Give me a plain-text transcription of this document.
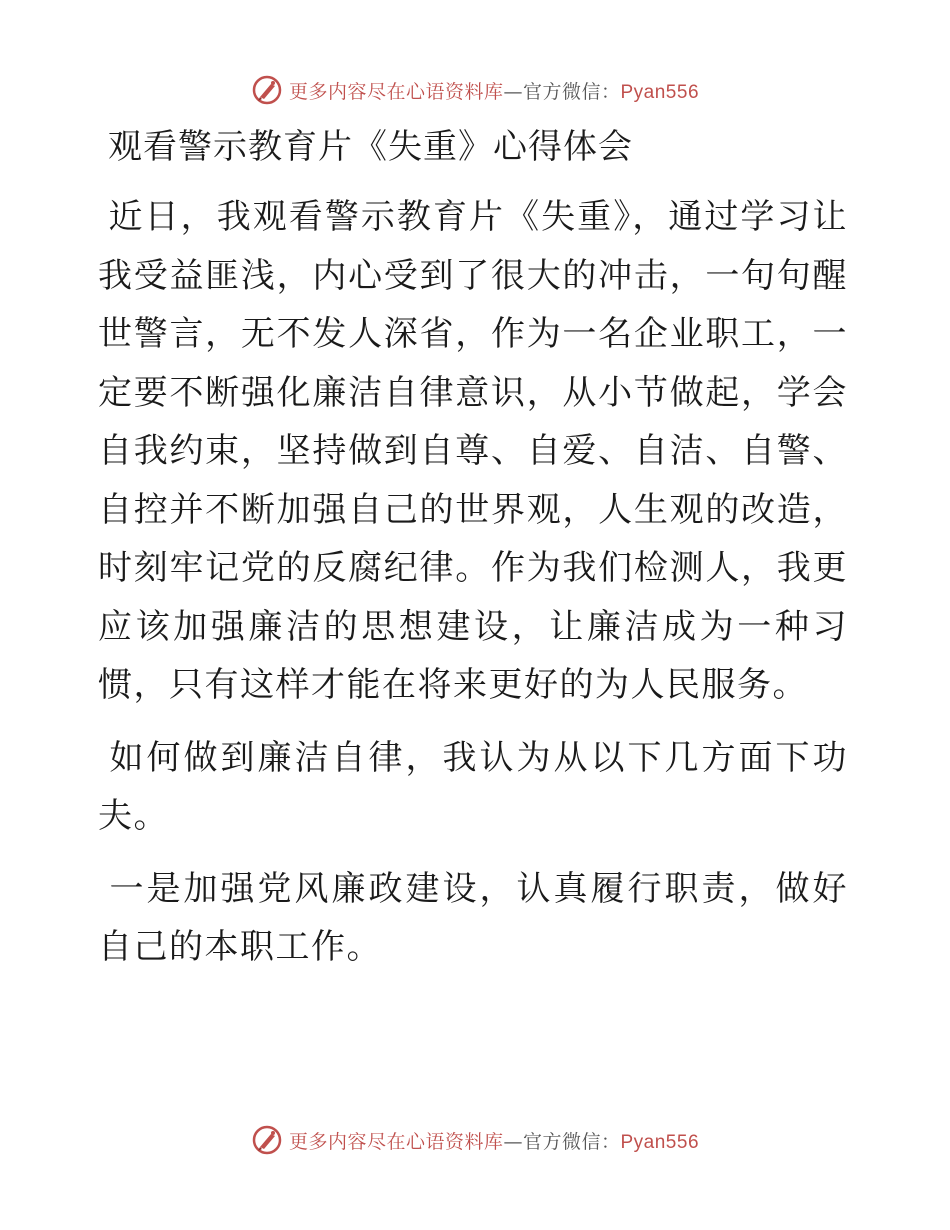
更多内容尽在心语资料库—官方微信：Pyan556
观看警示教育片《失重》心得体会

近日，我观看警示教育片《失重》，通过学习让我受益匪浅，内心受到了很大的冲击，一句句醒世警言，无不发人深省，作为一名企业职工，一定要不断强化廉洁自律意识，从小节做起，学会自我约束，坚持做到自尊、自爱、自洁、自警、自控并不断加强自己的世界观，人生观的改造，时刻牢记党的反腐纪律。作为我们检测人，我更应该加强廉洁的思想建设，让廉洁成为一种习惯，只有这样才能在将来更好的为人民服务。

如何做到廉洁自律，我认为从以下几方面下功夫。

一是加强党风廉政建设，认真履行职责，做好自己的本职工作。

更多内容尽在心语资料库—官方微信：Pyan556
